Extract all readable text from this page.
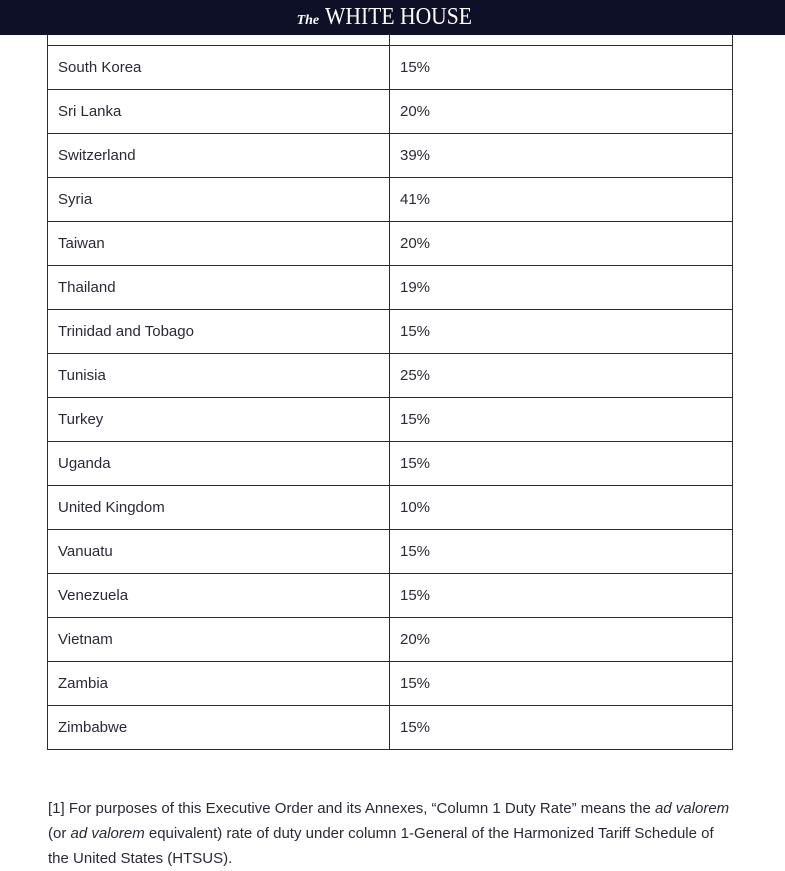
The WHITE HOUSE

South Korea	15%
Sri Lanka	20%
Switzerland	39%
Syria	41%
Taiwan	20%
Thailand	19%
Trinidad and Tobago	15%
Tunisia	25%
Turkey	15%
Uganda	15%
United Kingdom	10%
Vanuatu	15%
Venezuela	15%
Vietnam	20%
Zambia	15%
Zimbabwe	15%

[1] For purposes of this Executive Order and its Annexes, “Column 1 Duty Rate” means the ad valorem (or ad valorem equivalent) rate of duty under column 1-General of the Harmonized Tariff Schedule of the United States (HTSUS).
